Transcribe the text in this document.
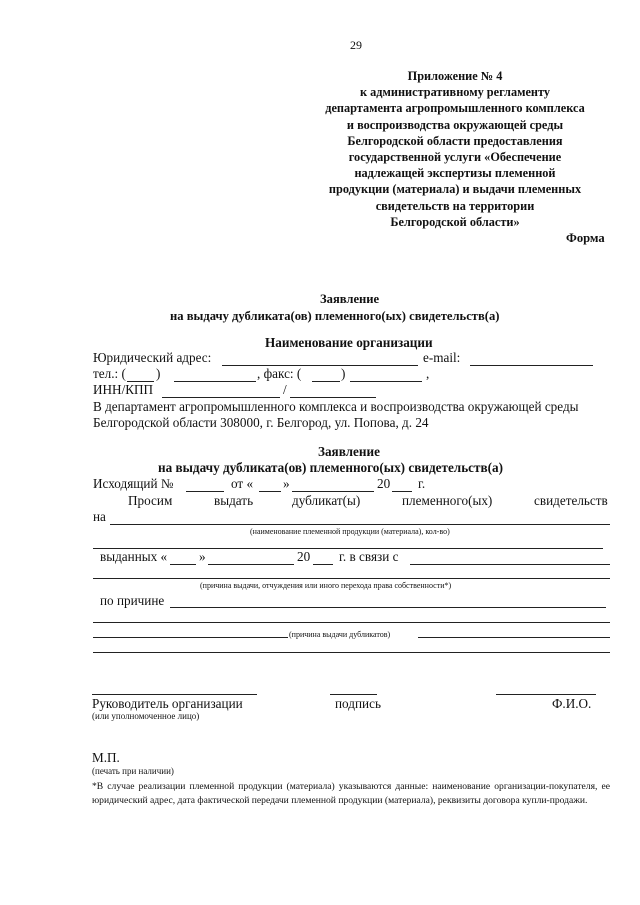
29
Приложение № 4
к административному регламенту
департамента агропромышленного комплекса
и воспроизводства окружающей среды
Белгородской области предоставления
государственной услуги «Обеспечение
надлежащей экспертизы племенной
продукции (материала) и выдачи племенных
свидетельств на территории
Белгородской области»
Форма
Заявление
на выдачу дубликата(ов) племенного(ых) свидетельств(а)
Наименование организации
Юридический адрес:	e-mail:
тел.: ( )	, факс: (	)	,
ИНН/КПП	/
В департамент агропромышленного комплекса и воспроизводства окружающей среды
Белгородской области 308000, г. Белгород, ул. Попова, д. 24
Заявление
на выдачу дубликата(ов) племенного(ых) свидетельств(а)
Исходящий №	от « »	20 г.
Просим	выдать	дубликат(ы)	племенного(ых)	свидетельств
на
(наименование племенной продукции (материала), кол-во)
выданных « »	20 г. в связи с
(причина выдачи, отчуждения или иного перехода права собственности*)
по причине
(причина выдачи дубликатов)
Руководитель организации
(или уполномоченное лицо)
подпись	Ф.И.О.
М.П.
(печать при наличии)
*В случае реализации племенной продукции (материала) указываются данные: наименование организации-покупателя, ее юридический адрес, дата фактической передачи племенной продукции (материала), реквизиты договора купли-продажи.
